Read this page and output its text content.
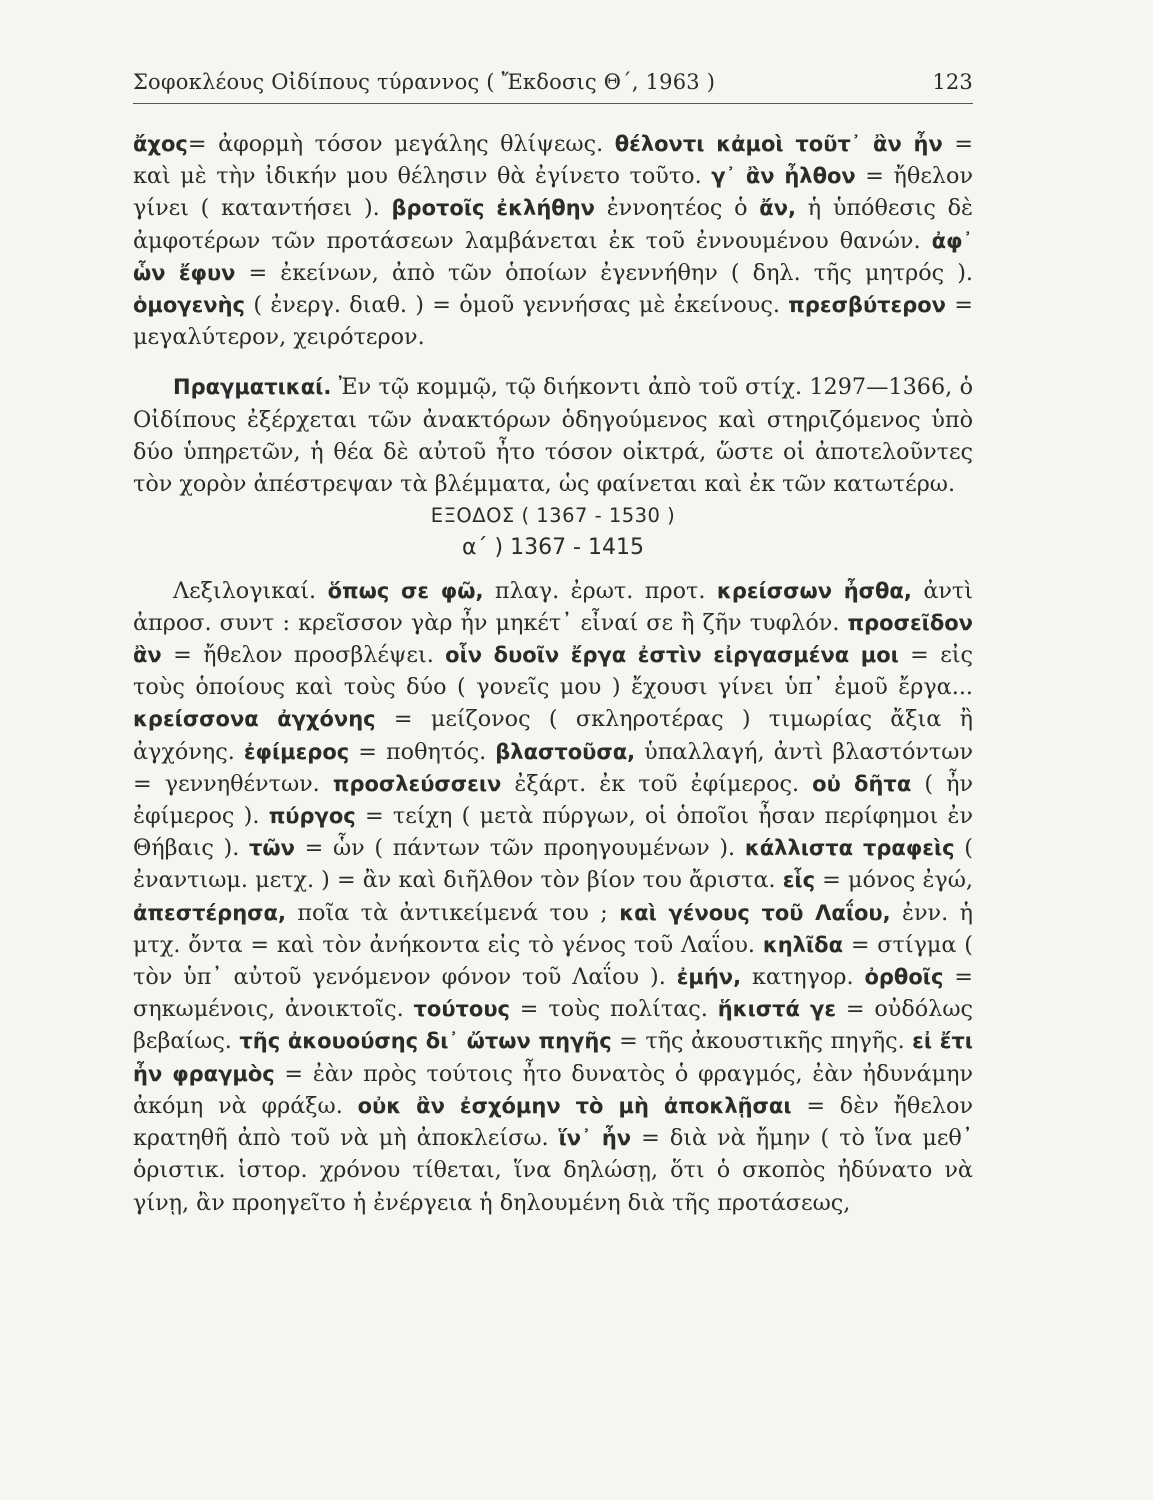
Σοφοκλέους Οἰδίπους τύραννος ( Ἔκδοσις Θ΄, 1963 )	123

ἄχος= ἀφορμὴ τόσον μεγάλης θλίψεως. θέλοντι κἀμοὶ τοῦτ᾽ ἂν ἦν = καὶ μὲ τὴν ἰδικήν μου θέλησιν θὰ ἐγίνετο τοῦτο. γ᾽ ἂν ἦλθον = ἤθελον γίνει ( καταντήσει ). βροτοῖς ἐκλήθην ἐννοητέος ὁ ἄν, ἡ ὑπόθεσις δὲ ἀμφοτέρων τῶν προτάσεων λαμβάνεται ἐκ τοῦ ἐννουμένου θανών. ἀφ᾽ ὧν ἔφυν = ἐκείνων, ἀπὸ τῶν ὁποίων ἐγεννήθην ( δηλ. τῆς μητρός ). ὁμογενὴς ( ἐνεργ. διαθ. ) = ὁμοῦ γεννήσας μὲ ἐκείνους. πρεσβύτερον = μεγαλύτερον, χειρότερον.

Πραγματικαί. Ἐν τῷ κομμῷ, τῷ διήκοντι ἀπὸ τοῦ στίχ. 1297—1366, ὁ Οἰδίπους ἐξέρχεται τῶν ἀνακτόρων ὁδηγούμενος καὶ στηριζόμενος ὑπὸ δύο ὑπηρετῶν, ἡ θέα δὲ αὐτοῦ ἦτο τόσον οἰκτρά, ὥστε οἱ ἀποτελοῦντες τὸν χορὸν ἀπέστρεψαν τὰ βλέμματα, ὡς φαίνεται καὶ ἐκ τῶν κατωτέρω.

ΕΞΟΔΟΣ ( 1367 - 1530 )

α΄ ) 1367 - 1415

Λεξιλογικαί. ὅπως σε φῶ, πλαγ. ἐρωτ. προτ. κρείσσων ἦσθα, ἀντὶ ἀπροσ. συντ : κρεῖσσον γὰρ ἦν μηκέτ᾽ εἶναί σε ἢ ζῆν τυφλόν. προσεῖδον ἂν = ἤθελον προσβλέψει. οἷν δυοῖν ἔργα ἐστὶν εἰργασμένα μοι = εἰς τοὺς ὁποίους καὶ τοὺς δύο ( γονεῖς μου ) ἔχουσι γίνει ὑπ᾽ ἐμοῦ ἔργα... κρείσσονα ἀγχόνης = μείζονος ( σκληροτέρας ) τιμωρίας ἄξια ἢ ἀγχόνης. ἐφίμερος = ποθητός. βλαστοῦσα, ὑπαλλαγή, ἀντὶ βλαστόντων = γεννηθέντων. προσλεύσσειν ἐξάρτ. ἐκ τοῦ ἐφίμερος. οὐ δῆτα ( ἦν ἐφίμερος ). πύργος = τείχη ( μετὰ πύργων, οἱ ὁποῖοι ἦσαν περίφημοι ἐν Θήβαις ). τῶν = ὧν ( πάντων τῶν προηγουμένων ). κάλλιστα τραφεὶς ( ἐναντιωμ. μετχ. ) = ἂν καὶ διῆλθον τὸν βίον του ἄριστα. εἷς = μόνος ἐγώ, ἀπεστέρησα, ποῖα τὰ ἀντικείμενά του ; καὶ γένους τοῦ Λαΐου, ἐνν. ἡ μτχ. ὄντα = καὶ τὸν ἀνήκοντα εἰς τὸ γένος τοῦ Λαΐου. κηλῖδα = στίγμα ( τὸν ὑπ᾽ αὐτοῦ γενόμενον φόνον τοῦ Λαΐου ). ἐμήν, κατηγορ. ὀρθοῖς = σηκωμένοις, ἀνοικτοῖς. τούτους = τοὺς πολίτας. ἥκιστά γε = οὐδόλως βεβαίως. τῆς ἀκουούσης δι᾽ ὤτων πηγῆς = τῆς ἀκουστικῆς πηγῆς. εἰ ἔτι ἦν φραγμὸς = ἐὰν πρὸς τούτοις ἦτο δυνατὸς ὁ φραγμός, ἐὰν ἠδυνάμην ἀκόμη νὰ φράξω. οὐκ ἂν ἐσχόμην τὸ μὴ ἀποκλῇσαι = δὲν ἤθελον κρατηθῆ ἀπὸ τοῦ νὰ μὴ ἀποκλείσω. ἵν᾽ ἦν = διὰ νὰ ἤμην ( τὸ ἵνα μεθ᾽ ὁριστικ. ἱστορ. χρόνου τίθεται, ἵνα δηλώσῃ, ὅτι ὁ σκοπὸς ἠδύνατο νὰ γίνῃ, ἂν προηγεῖτο ἡ ἐνέργεια ἡ δηλουμένη διὰ τῆς προτάσεως,
